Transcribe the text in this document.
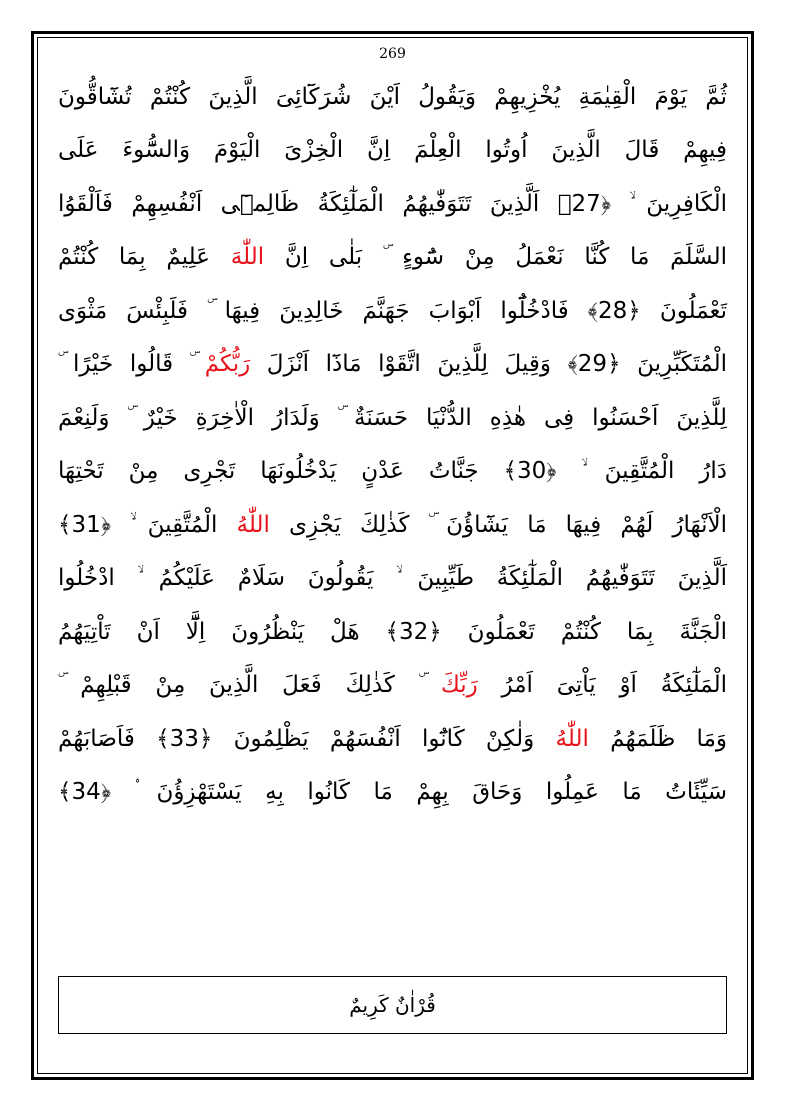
269
ثُمَّ يَوْمَ الْقِيٰمَةِ يُخْزِيهِمْ وَيَقُولُ اَيْنَ شُرَكَٓائِیَ الَّذِينَ كُنْتُمْ تُشَٓاقُّونَ
فِيهِمْ قَالَ الَّذِينَ اُوتُوا الْعِلْمَ اِنَّ الْخِزْیَ الْيَوْمَ وَالسُّٓوءَ عَلَى
الْكَافِرِينَ ۙ ﴿27﴾ اَلَّذِينَ تَتَوَفّٰيهُمُ الْمَلٰٓئِكَةُ ظَالِمٖٓی اَنْفُسِهِمْ فَاَلْقَوُا
السَّلَمَ مَا كُنَّا نَعْمَلُ مِنْ سُٓوءٍ ۜ بَلٰى اِنَّ اللّٰهَ عَلِيمٌ بِمَا كُنْتُمْ
تَعْمَلُونَ ﴿28﴾ فَادْخُلُٓوا اَبْوَابَ جَهَنَّمَ خَالِدِينَ فِيهَا ۜ فَلَبِئْسَ مَثْوَى
الْمُتَكَبِّرِينَ ﴿29﴾ وَقِيلَ لِلَّذِينَ اتَّقَوْا مَاذَٓا اَنْزَلَ رَبُّكُمْ ۜ قَالُوا خَيْرًا ۜ
لِلَّذِينَ اَحْسَنُوا فِى هٰذِهِ الدُّنْيَا حَسَنَةٌ ۜ وَلَدَارُ الْاٰخِرَةِ خَيْرٌ ۜ وَلَنِعْمَ
دَارُ الْمُتَّقِينَ ۙ ﴿30﴾ جَنَّاتُ عَدْنٍ يَدْخُلُونَهَا تَجْرِى مِنْ تَحْتِهَا
الْاَنْهَارُ لَهُمْ فِيهَا مَا يَشَٓاؤُنَ ۜ كَذٰلِكَ يَجْزِى اللّٰهُ الْمُتَّقِينَ ۙ ﴿31﴾
اَلَّذِينَ تَتَوَفّٰيهُمُ الْمَلٰٓئِكَةُ طَيِّبِينَ ۙ يَقُولُونَ سَلَامٌ عَلَيْكُمُ ۙ ادْخُلُوا
الْجَنَّةَ بِمَا كُنْتُمْ تَعْمَلُونَ ﴿32﴾ هَلْ يَنْظُرُونَ اِلَّٓا اَنْ تَاْتِيَهُمُ
الْمَلٰٓئِكَةُ اَوْ يَاْتِیَ اَمْرُ رَبِّكَ ۜ كَذٰلِكَ فَعَلَ الَّذِينَ مِنْ قَبْلِهِمْ ۜ
وَمَا ظَلَمَهُمُ اللّٰهُ وَلٰكِنْ كَانُٓوا اَنْفُسَهُمْ يَظْلِمُونَ ﴿33﴾ فَاَصَابَهُمْ
سَيِّئَاتُ مَا عَمِلُوا وَحَاقَ بِهِمْ مَا كَانُوا بِهِ يَسْتَهْزِؤُنَ ۟ ﴿34﴾
قُرْاٰنٌ كَرِيمٌ
